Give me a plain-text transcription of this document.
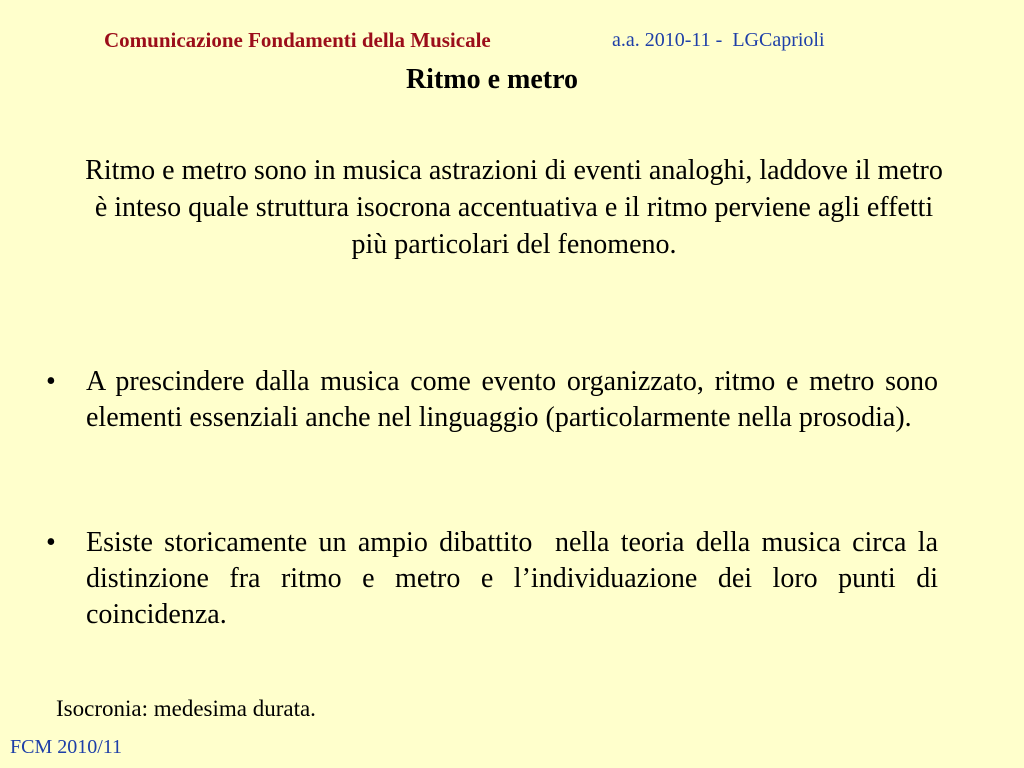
Comunicazione Fondamenti della Musicale	a.a. 2010-11 -  LGCaprioli
Ritmo e metro
Ritmo e metro sono in musica astrazioni di eventi analoghi, laddove il metro è inteso quale struttura isocrona accentuativa e il ritmo perviene agli effetti più particolari del fenomeno.
• A prescindere dalla musica come evento organizzato, ritmo e metro sono elementi essenziali anche nel linguaggio (particolarmente nella prosodia).
• Esiste storicamente un ampio dibattito  nella teoria della musica circa la distinzione fra ritmo e metro e l’individuazione dei loro punti di coincidenza.
Isocronia: medesima durata.
FCM 2010/11
